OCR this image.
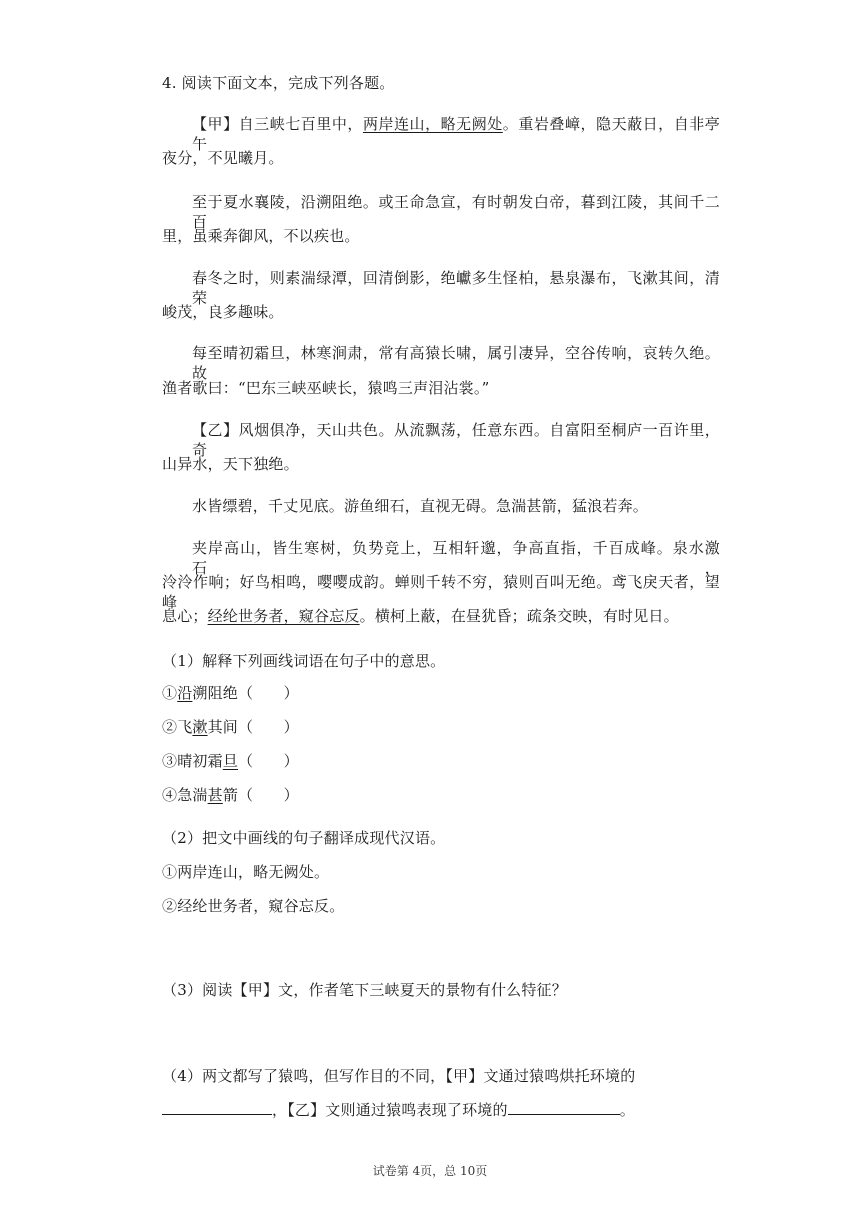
4. 阅读下面文本，完成下列各题。
【甲】自三峡七百里中，两岸连山，略无阙处。重岩叠嶂，隐天蔽日，自非亭午
夜分，不见曦月。
至于夏水襄陵，沿溯阻绝。或王命急宣，有时朝发白帝，暮到江陵，其间千二百
里，虽乘奔御风，不以疾也。
春冬之时，则素湍绿潭，回清倒影，绝巘多生怪柏，悬泉瀑布，飞漱其间，清荣
峻茂，良多趣味。
每至晴初霜旦，林寒涧肃，常有高猿长啸，属引凄异，空谷传响，哀转久绝。故
渔者歌曰：“巴东三峡巫峡长，猿鸣三声泪沾裳。”
【乙】风烟俱净，天山共色。从流飘荡，任意东西。自富阳至桐庐一百许里，奇
山异水，天下独绝。
水皆缥碧，千丈见底。游鱼细石，直视无碍。急湍甚箭，猛浪若奔。
夹岸高山，皆生寒树，负势竞上，互相轩邈，争高直指，千百成峰。泉水激石，
泠泠作响；好鸟相鸣，嘤嘤成韵。蝉则千转不穷，猿则百叫无绝。鸢飞戾天者，望峰
息心；经纶世务者，窥谷忘反。横柯上蔽，在昼犹昏；疏条交映，有时见日。
（1）解释下列画线词语在句子中的意思。
①沿溯阻绝（　　）
②飞漱其间（　　）
③晴初霜旦（　　）
④急湍甚箭（　　）
（2）把文中画线的句子翻译成现代汉语。
①两岸连山，略无阙处。
②经纶世务者，窥谷忘反。
（3）阅读【甲】文，作者笔下三峡夏天的景物有什么特征？
（4）两文都写了猿鸣，但写作目的不同，【甲】文通过猿鸣烘托环境的
，【乙】文则通过猿鸣表现了环境的	。
试卷第 4页，总 10页
